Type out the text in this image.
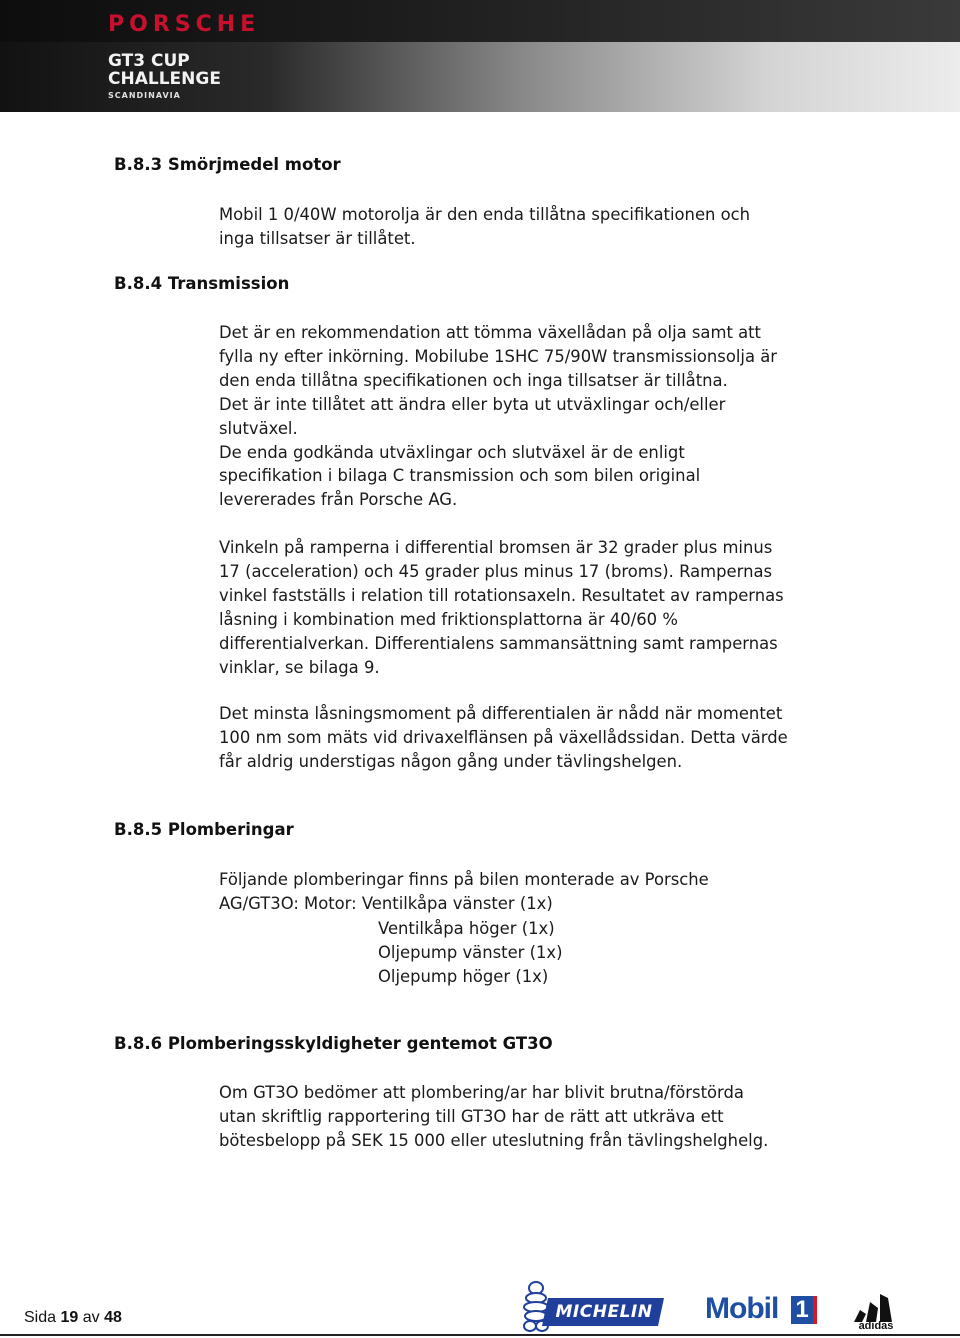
PORSCHE
GT3 CUP
CHALLENGE
SCANDINAVIA
B.8.3 Smörjmedel motor
Mobil 1 0/40W motorolja är den enda tillåtna specifikationen och
inga tillsatser är tillåtet.
B.8.4 Transmission
Det är en rekommendation att tömma växellådan på olja samt att
fylla ny efter inkörning. Mobilube 1SHC 75/90W transmissionsolja är
den enda tillåtna specifikationen och inga tillsatser är tillåtna.
Det är inte tillåtet att ändra eller byta ut utväxlingar och/eller
slutväxel.
De enda godkända utväxlingar och slutväxel är de enligt
specifikation i bilaga C transmission och som bilen original
levererades från Porsche AG.
Vinkeln på ramperna i differential bromsen är 32 grader plus minus
17 (acceleration) och 45 grader plus minus 17 (broms). Rampernas
vinkel fastställs i relation till rotationsaxeln. Resultatet av rampernas
låsning i kombination med friktionsplattorna är 40/60 %
differentialverkan. Differentialens sammansättning samt rampernas
vinklar, se bilaga 9.
Det minsta låsningsmoment på differentialen är nådd när momentet
100 nm som mäts vid drivaxelflänsen på växellådssidan. Detta värde
får aldrig understigas någon gång under tävlingshelgen.
B.8.5 Plomberingar
Följande plomberingar finns på bilen monterade av Porsche
AG/GT3O: Motor: Ventilkåpa vänster (1x)
Ventilkåpa höger (1x)
Oljepump vänster (1x)
Oljepump höger (1x)
B.8.6 Plomberingsskyldigheter gentemot GT3O
Om GT3O bedömer att plombering/ar har blivit brutna/förstörda
utan skriftlig rapportering till GT3O har de rätt att utkräva ett
bötesbelopp på SEK 15 000 eller uteslutning från tävlingshelghelg.
Sida 19 av 48	MICHELIN Mobil 1
adidas
